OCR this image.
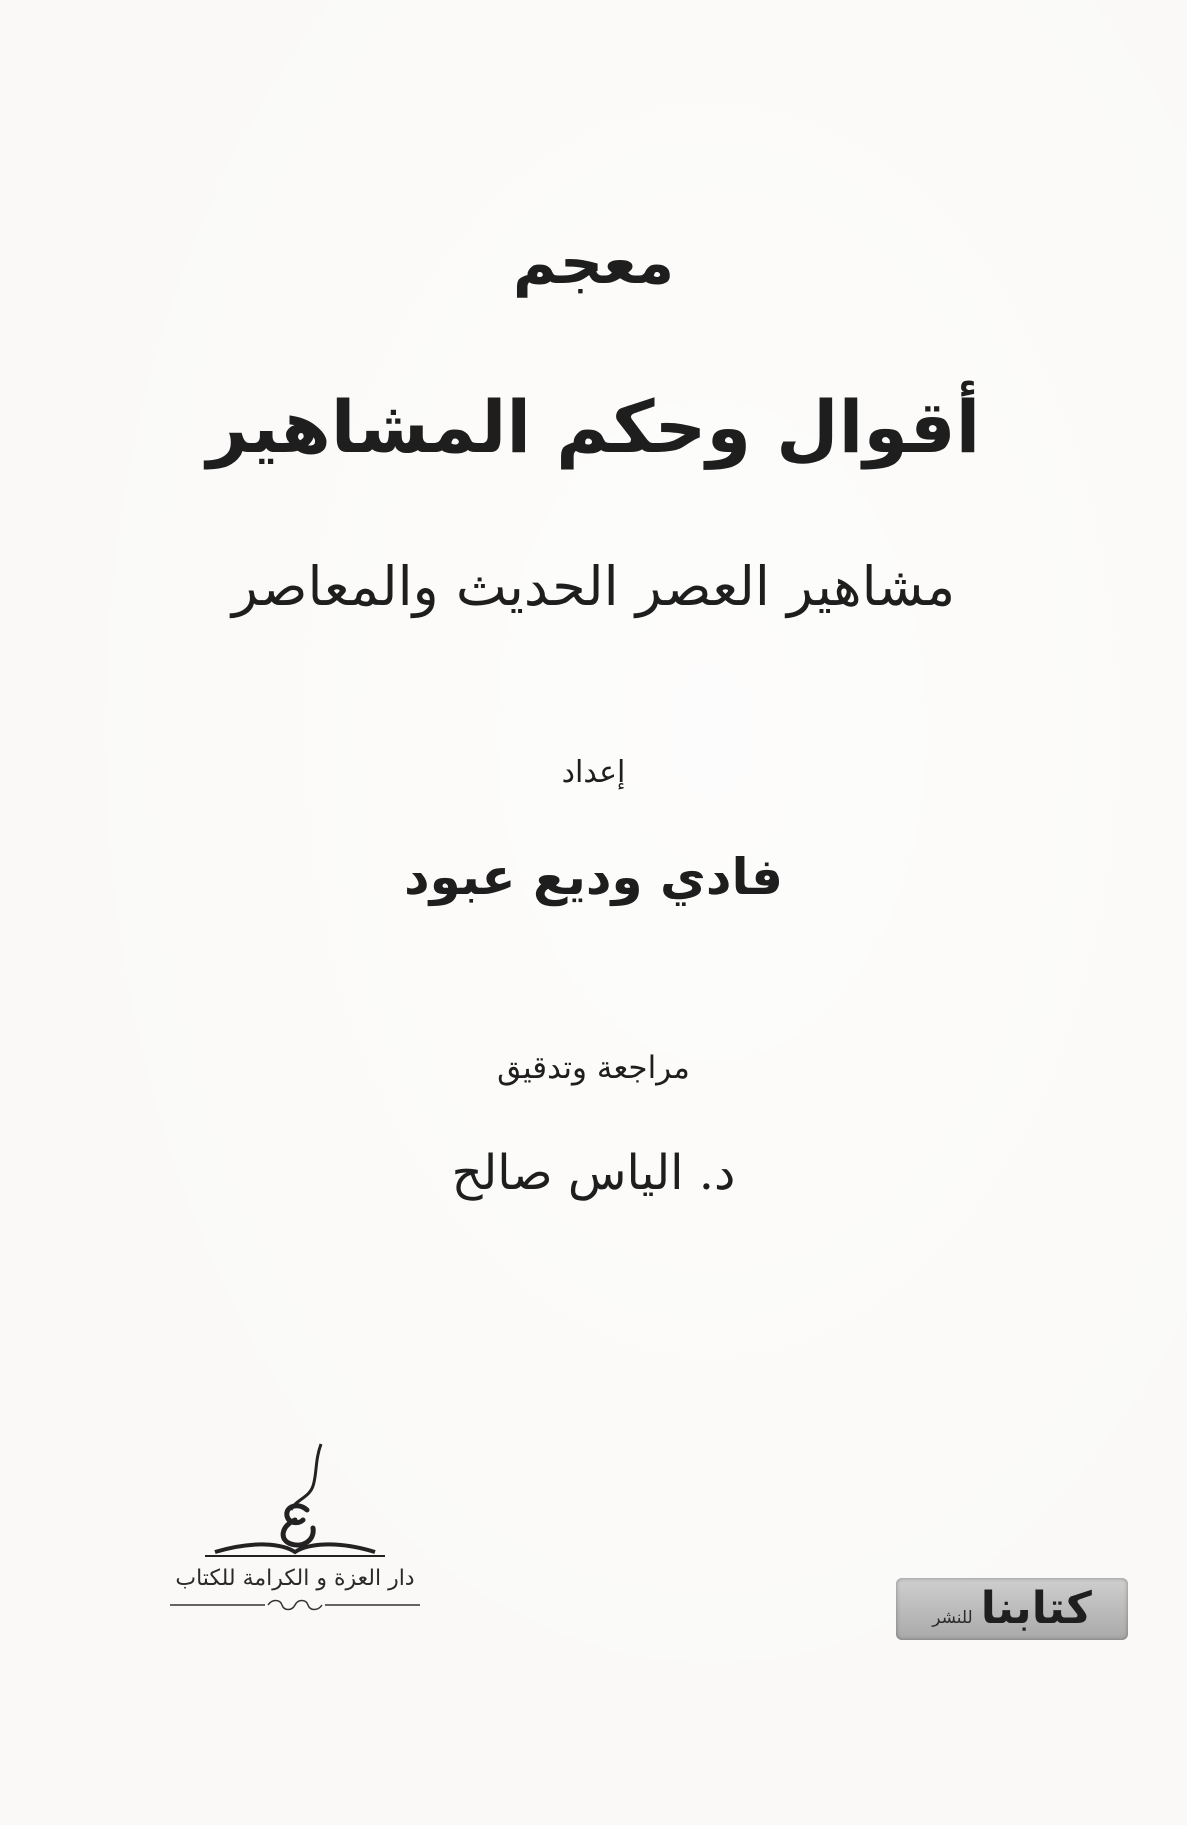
معجم
أقوال وحكم المشاهير
مشاهير العصر الحديث والمعاصر
إعداد
فادي وديع عبود
مراجعة وتدقيق
د. الياس صالح
دار العزة و الكرامة للكتاب
كتابنا
للنشر
